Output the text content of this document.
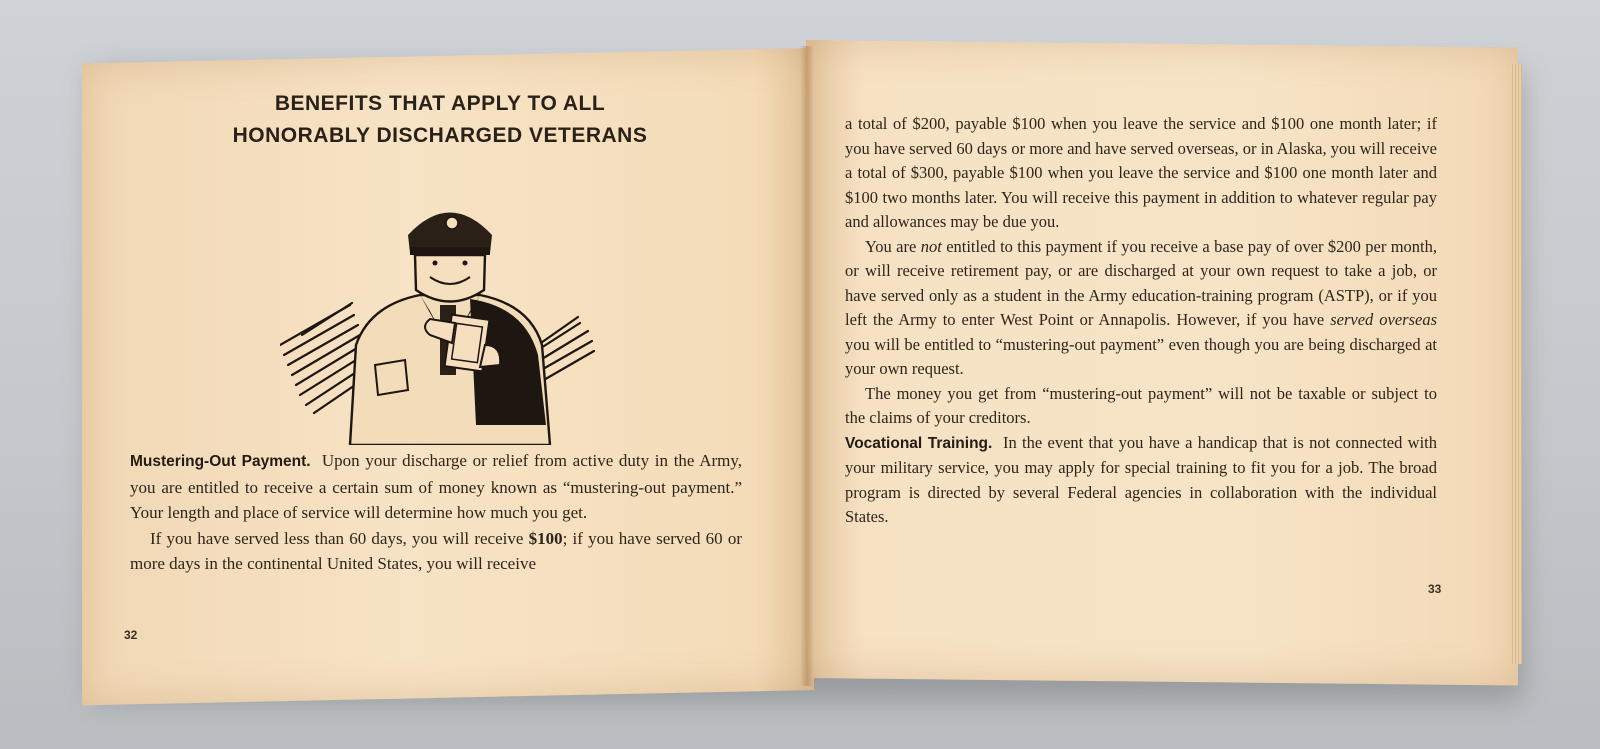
BENEFITS THAT APPLY TO ALL
HONORABLY DISCHARGED VETERANS

Mustering-Out Payment. Upon your discharge or relief from active duty in the Army, you are entitled to receive a certain sum of money known as “mustering-out payment.” Your length and place of service will determine how much you get.

If you have served less than 60 days, you will receive $100; if you have served 60 or more days in the continental United States, you will receive

32

a total of $200, payable $100 when you leave the service and $100 one month later; if you have served 60 days or more and have served overseas, or in Alaska, you will receive a total of $300, payable $100 when you leave the service and $100 one month later and $100 two months later. You will receive this payment in addition to whatever regular pay and allowances may be due you.

You are not entitled to this payment if you receive a base pay of over $200 per month, or will receive retirement pay, or are discharged at your own request to take a job, or have served only as a student in the Army education-training program (ASTP), or if you left the Army to enter West Point or Annapolis. However, if you have served overseas you will be entitled to “mustering-out payment” even though you are being discharged at your own request.

The money you get from “mustering-out payment” will not be taxable or subject to the claims of your creditors.

Vocational Training. In the event that you have a handicap that is not connected with your military service, you may apply for special training to fit you for a job. The broad program is directed by several Federal agencies in collaboration with the individual States.

33
